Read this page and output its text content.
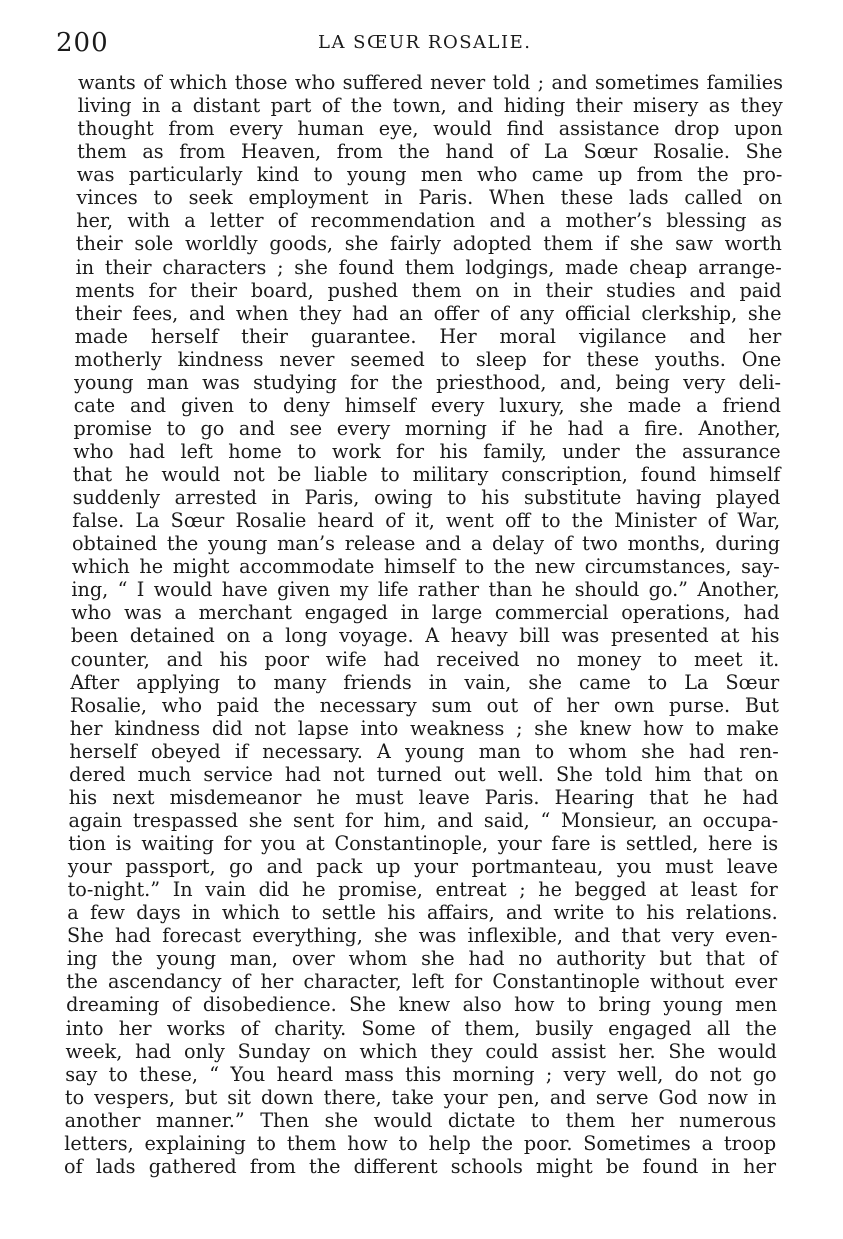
200	LA SŒUR ROSALIE.
wants of which those who suffered never told ; and sometimes families
living in a distant part of the town, and hiding their misery as they
thought from every human eye, would find assistance drop upon
them as from Heaven, from the hand of La Sœur Rosalie. She
was particularly kind to young men who came up from the pro-
vinces to seek employment in Paris. When these lads called on
her, with a letter of recommendation and a mother’s blessing as
their sole worldly goods, she fairly adopted them if she saw worth
in their characters ; she found them lodgings, made cheap arrange-
ments for their board, pushed them on in their studies and paid
their fees, and when they had an offer of any official clerkship, she
made herself their guarantee. Her moral vigilance and her
motherly kindness never seemed to sleep for these youths. One
young man was studying for the priesthood, and, being very deli-
cate and given to deny himself every luxury, she made a friend
promise to go and see every morning if he had a fire. Another,
who had left home to work for his family, under the assurance
that he would not be liable to military conscription, found himself
suddenly arrested in Paris, owing to his substitute having played
false. La Sœur Rosalie heard of it, went off to the Minister of War,
obtained the young man’s release and a delay of two months, during
which he might accommodate himself to the new circumstances, say-
ing, “ I would have given my life rather than he should go.” Another,
who was a merchant engaged in large commercial operations, had
been detained on a long voyage. A heavy bill was presented at his
counter, and his poor wife had received no money to meet it.
After applying to many friends in vain, she came to La Sœur
Rosalie, who paid the necessary sum out of her own purse. But
her kindness did not lapse into weakness ; she knew how to make
herself obeyed if necessary. A young man to whom she had ren-
dered much service had not turned out well. She told him that on
his next misdemeanor he must leave Paris. Hearing that he had
again trespassed she sent for him, and said, “ Monsieur, an occupa-
tion is waiting for you at Constantinople, your fare is settled, here is
your passport, go and pack up your portmanteau, you must leave
to-night.” In vain did he promise, entreat ; he begged at least for
a few days in which to settle his affairs, and write to his relations.
She had forecast everything, she was inflexible, and that very even-
ing the young man, over whom she had no authority but that of
the ascendancy of her character, left for Constantinople without ever
dreaming of disobedience. She knew also how to bring young men
into her works of charity. Some of them, busily engaged all the
week, had only Sunday on which they could assist her. She would
say to these, “ You heard mass this morning ; very well, do not go
to vespers, but sit down there, take your pen, and serve God now in
another manner.” Then she would dictate to them her numerous
letters, explaining to them how to help the poor. Sometimes a troop
of lads gathered from the different schools might be found in her
